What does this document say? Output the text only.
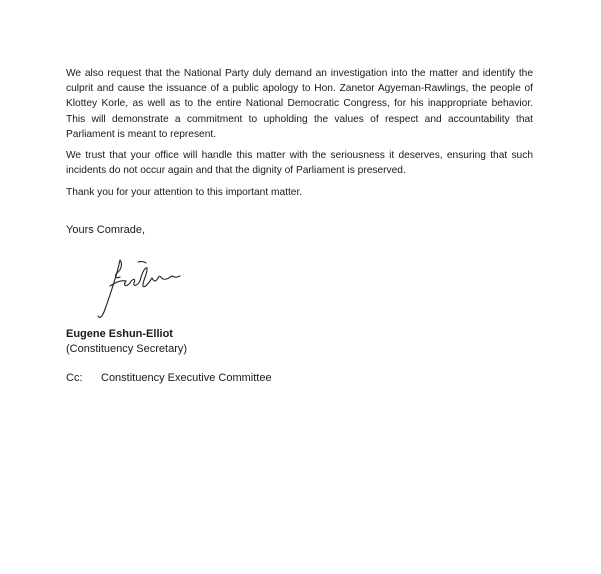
We also request that the National Party duly demand an investigation into the matter and identify the culprit and cause the issuance of a public apology to Hon. Zanetor Agyeman-Rawlings, the people of Klottey Korle, as well as to the entire National Democratic Congress, for his inappropriate behavior. This will demonstrate a commitment to upholding the values of respect and accountability that Parliament is meant to represent.

We trust that your office will handle this matter with the seriousness it deserves, ensuring that such incidents do not occur again and that the dignity of Parliament is preserved.

Thank you for your attention to this important matter.

Yours Comrade,

Eugene Eshun-Elliot
(Constituency Secretary)
Cc: Constituency Executive Committee
